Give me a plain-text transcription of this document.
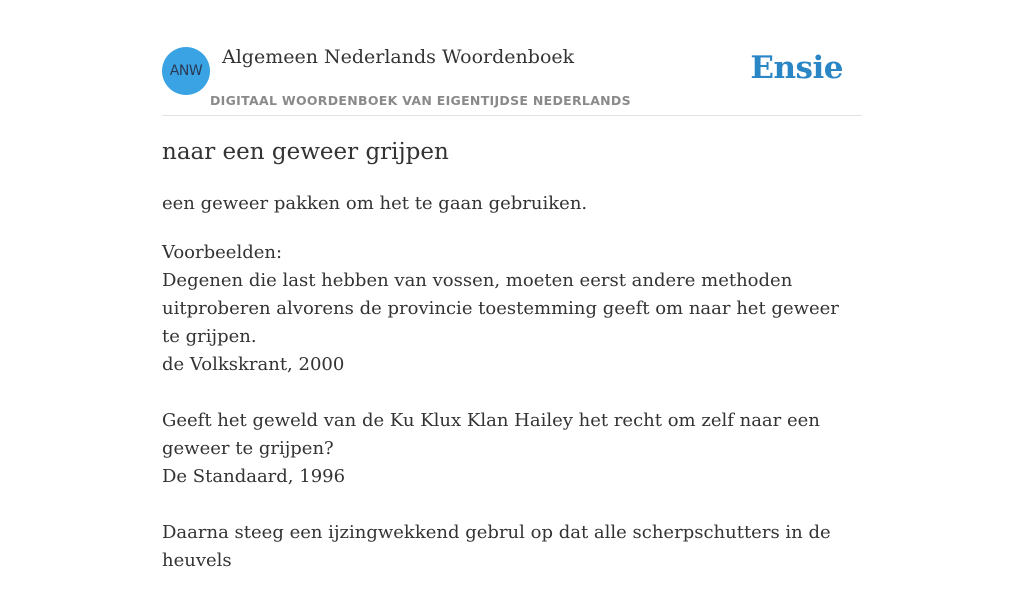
ANW
Algemeen Nederlands Woordenboek
DIGITAAL WOORDENBOEK VAN EIGENTIJDSE NEDERLANDS
Ensie
naar een geweer grijpen
een geweer pakken om het te gaan gebruiken.
Voorbeelden:
Degenen die last hebben van vossen, moeten eerst andere methoden uitproberen alvorens de provincie toestemming geeft om naar het geweer te grijpen.
de Volkskrant, 2000
Geeft het geweld van de Ku Klux Klan Hailey het recht om zelf naar een geweer te grijpen?
De Standaard, 1996
Daarna steeg een ijzingwekkend gebrul op dat alle scherpschutters in de heuvels
